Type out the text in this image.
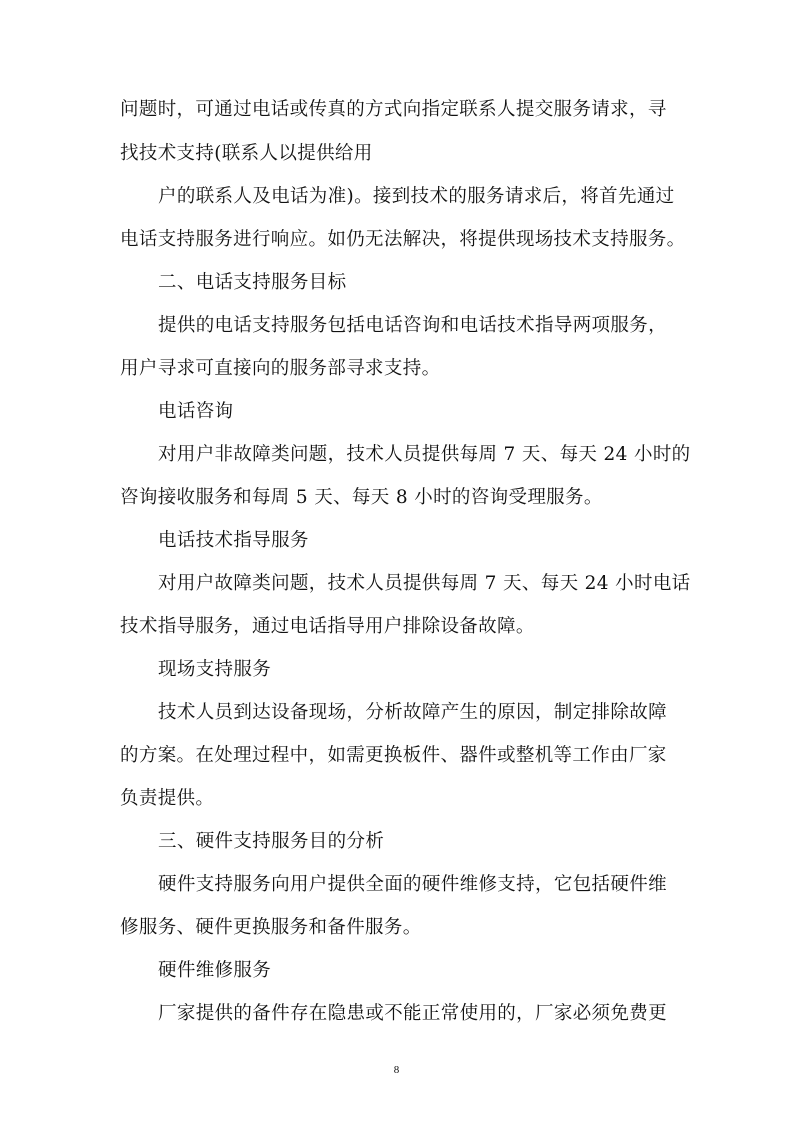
问题时，可通过电话或传真的方式向指定联系人提交服务请求，寻
找技术支持(联系人以提供给用
户的联系人及电话为准)。接到技术的服务请求后，将首先通过
电话支持服务进行响应。如仍无法解决，将提供现场技术支持服务。
二、电话支持服务目标
提供的电话支持服务包括电话咨询和电话技术指导两项服务，
用户寻求可直接向的服务部寻求支持。
电话咨询
对用户非故障类问题，技术人员提供每周 7 天、每天 24 小时的
咨询接收服务和每周 5 天、每天 8 小时的咨询受理服务。
电话技术指导服务
对用户故障类问题，技术人员提供每周 7 天、每天 24 小时电话
技术指导服务，通过电话指导用户排除设备故障。
现场支持服务
技术人员到达设备现场，分析故障产生的原因，制定排除故障
的方案。在处理过程中，如需更换板件、器件或整机等工作由厂家
负责提供。
三、硬件支持服务目的分析
硬件支持服务向用户提供全面的硬件维修支持，它包括硬件维
修服务、硬件更换服务和备件服务。
硬件维修服务
厂家提供的备件存在隐患或不能正常使用的，厂家必须免费更
8
